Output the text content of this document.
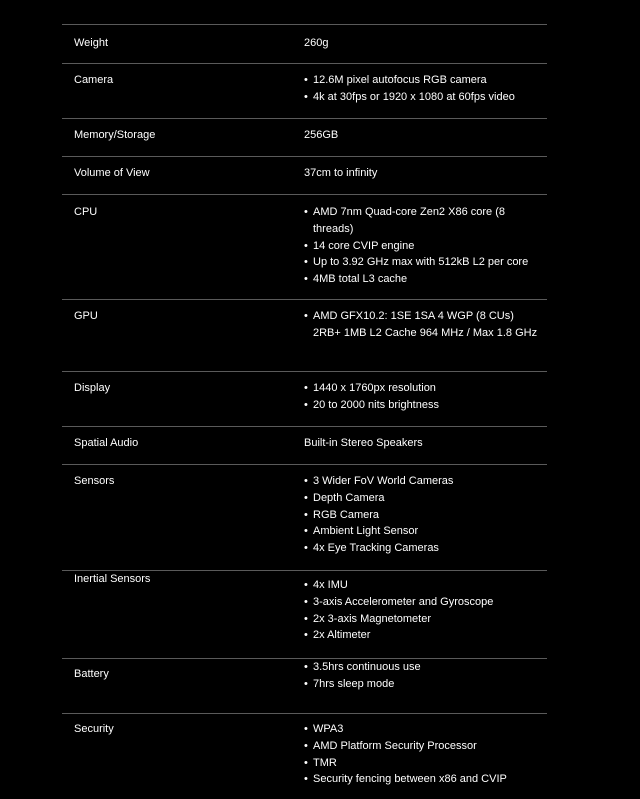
Weight	260g
Camera	• 12.6M pixel autofocus RGB camera
• 4k at 30fps or 1920 x 1080 at 60fps video
Memory/Storage	256GB
Volume of View	37cm to infinity
CPU	• AMD 7nm Quad-core Zen2 X86 core (8 threads)
• 14 core CVIP engine
• Up to 3.92 GHz max with 512kB L2 per core
• 4MB total L3 cache
GPU	• AMD GFX10.2: 1SE 1SA 4 WGP (8 CUs) 2RB+ 1MB L2 Cache 964 MHz / Max 1.8 GHz
Display	• 1440 x 1760px resolution
• 20 to 2000 nits brightness
Spatial Audio	Built-in Stereo Speakers
Sensors	• 3 Wider FoV World Cameras
• Depth Camera
• RGB Camera
• Ambient Light Sensor
• 4x Eye Tracking Cameras
Inertial Sensors	• 4x IMU
• 3-axis Accelerometer and Gyroscope
• 2x 3-axis Magnetometer
• 2x Altimeter
Battery
• 3.5hrs continuous use
• 7hrs sleep mode
Security	• WPA3
• AMD Platform Security Processor
• TMR
• Security fencing between x86 and CVIP
